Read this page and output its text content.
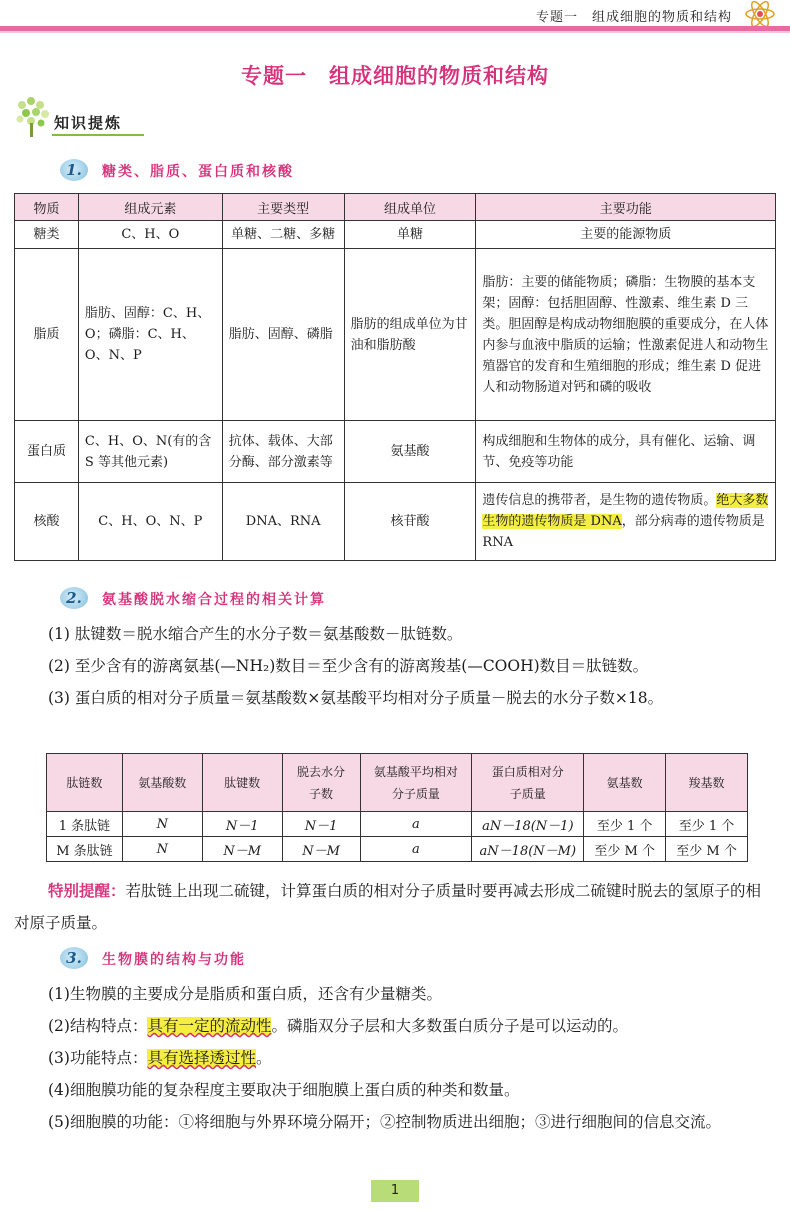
专题一　组成细胞的物质和结构
专题一　组成细胞的物质和结构
知识提炼
1.	糖类、脂质、蛋白质和核酸
物质	组成元素	主要类型	组成单位	主要功能
糖类	C、H、O	单糖、二糖、多糖	单糖	主要的能源物质
脂质	脂肪、固醇：C、H、O；磷脂：C、H、O、N、P	脂肪、固醇、磷脂	脂肪的组成单位为甘油和脂肪酸	脂肪：主要的储能物质；磷脂：生物膜的基本支架；固醇：包括胆固醇、性激素、维生素 D 三类。胆固醇是构成动物细胞膜的重要成分，在人体内参与血液中脂质的运输；性激素促进人和动物生殖器官的发育和生殖细胞的形成；维生素 D 促进人和动物肠道对钙和磷的吸收
蛋白质	C、H、O、N(有的含 S 等其他元素)	抗体、载体、大部分酶、部分激素等	氨基酸	构成细胞和生物体的成分，具有催化、运输、调节、免疫等功能
核酸	C、H、O、N、P	DNA、RNA	核苷酸	遗传信息的携带者，是生物的遗传物质。绝大多数生物的遗传物质是 DNA，部分病毒的遗传物质是 RNA
2.	氨基酸脱水缩合过程的相关计算
(1) 肽键数＝脱水缩合产生的水分子数＝氨基酸数－肽链数。
(2) 至少含有的游离氨基(—NH₂)数目＝至少含有的游离羧基(—COOH)数目＝肽链数。
(3) 蛋白质的相对分子质量＝氨基酸数×氨基酸平均相对分子质量－脱去的水分子数×18。
肽链数	氨基酸数	肽键数	脱去水分子数	氨基酸平均相对分子质量	蛋白质相对分子质量	氨基数	羧基数
1 条肽链	N	N－1	N－1	a	aN－18(N－1)	至少 1 个	至少 1 个
M 条肽链	N	N－M	N－M	a	aN－18(N－M)	至少 M 个	至少 M 个
特别提醒：若肽链上出现二硫键，计算蛋白质的相对分子质量时要再减去形成二硫键时脱去的氢原子的相对原子质量。
3.	生物膜的结构与功能
(1)生物膜的主要成分是脂质和蛋白质，还含有少量糖类。
(2)结构特点：具有一定的流动性。磷脂双分子层和大多数蛋白质分子是可以运动的。
(3)功能特点：具有选择透过性。
(4)细胞膜功能的复杂程度主要取决于细胞膜上蛋白质的种类和数量。
(5)细胞膜的功能：①将细胞与外界环境分隔开；②控制物质进出细胞；③进行细胞间的信息交流。
1
